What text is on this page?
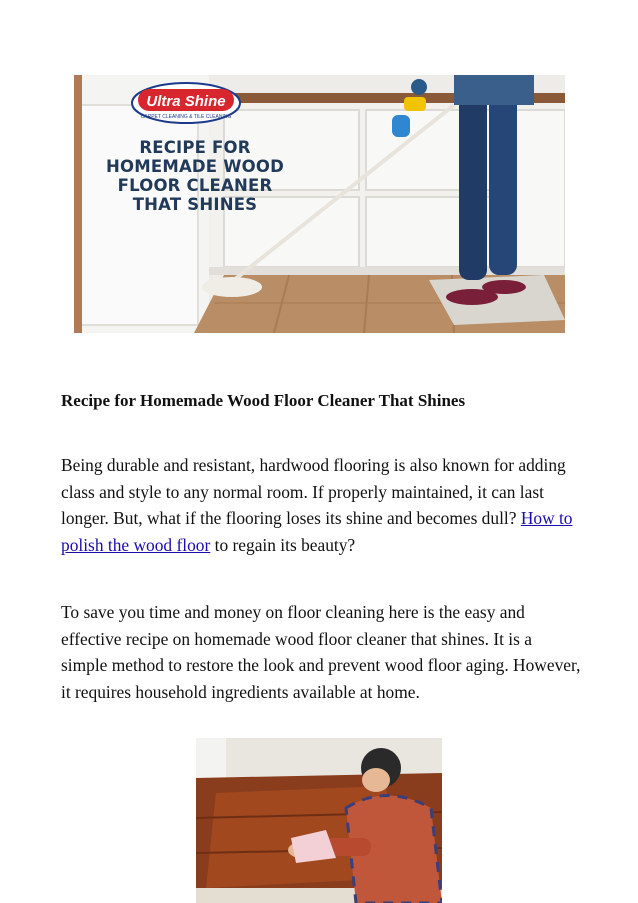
Ultra Shine
CARPET CLEANING & TILE CLEANING
RECIPE FOR
HOMEMADE WOOD
FLOOR CLEANER
THAT SHINES
Recipe for Homemade Wood Floor Cleaner That Shines

Being durable and resistant, hardwood flooring is also known for adding class and style to any normal room. If properly maintained, it can last longer. But, what if the flooring loses its shine and becomes dull? How to polish the wood floor to regain its beauty?

To save you time and money on floor cleaning here is the easy and effective recipe on homemade wood floor cleaner that shines. It is a simple method to restore the look and prevent wood floor aging. However, it requires household ingredients available at home.
